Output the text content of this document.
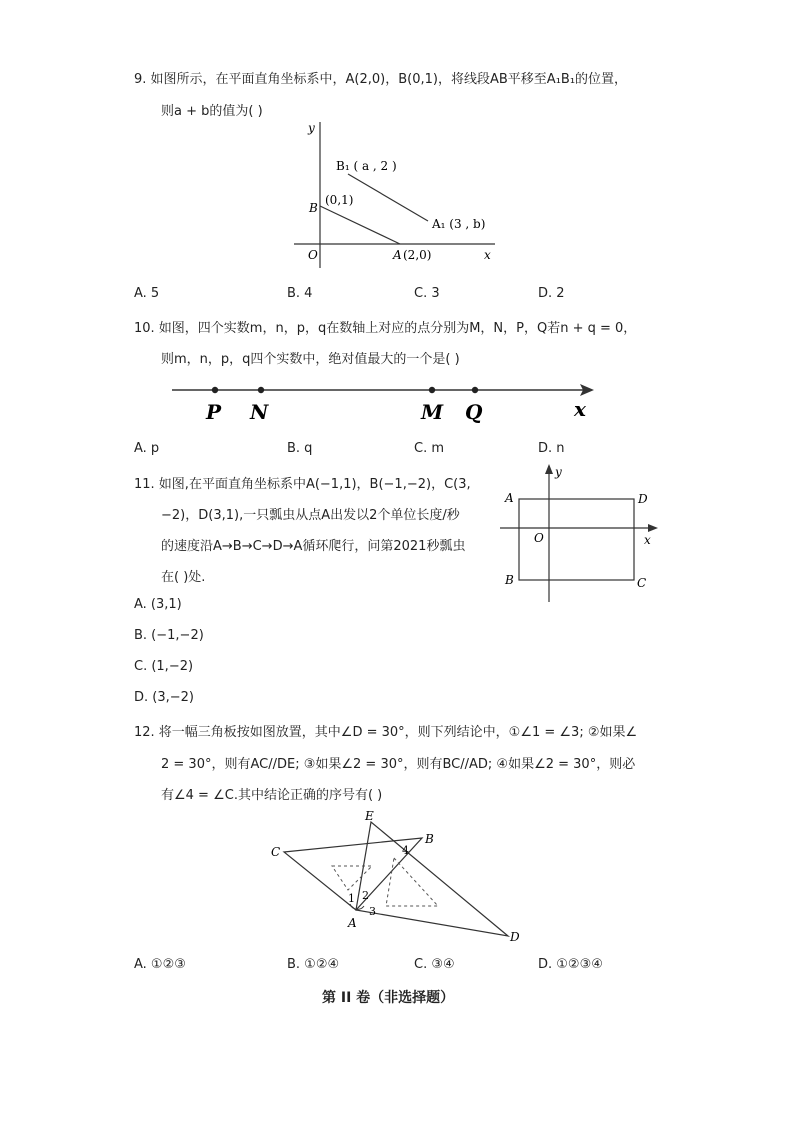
9. 如图所示，在平面直角坐标系中，A(2,0)，B(0,1)，将线段AB平移至A₁B₁的位置，
则a + b的值为( )
y
x
O
B
(0,1)
A (2,0)
B₁ ( a , 2 )
A₁ (3 , b)
A. 5	B. 4	C. 3	D. 2
10. 如图，四个实数m，n，p，q在数轴上对应的点分别为M，N，P，Q若n + q = 0，
则m，n，p，q四个实数中，绝对值最大的一个是( )
P N	M Q	x
A. p	B. q	C. m	D. n
11. 如图,在平面直角坐标系中A(−1,1)，B(−1,−2)，C(3,
−2)，D(3,1),一只瓢虫从点A出发以2个单位长度/秒
的速度沿A→B→C→D→A循环爬行，问第2021秒瓢虫
在( )处.
y
x
O
A
B	C
D
A. (3,1)
B. (−1,−2)
C. (1,−2)
D. (3,−2)
12. 将一幅三角板按如图放置，其中∠D = 30°，则下列结论中，①∠1 = ∠3; ②如果∠
2 = 30°，则有AC//DE; ③如果∠2 = 30°，则有BC//AD; ④如果∠2 = 30°，则必
有∠4 = ∠C.其中结论正确的序号有( )
E
B
C
A
D
1 2
3
4
A. ①②③	B. ①②④	C. ③④	D. ①②③④
第 II 卷（非选择题）
